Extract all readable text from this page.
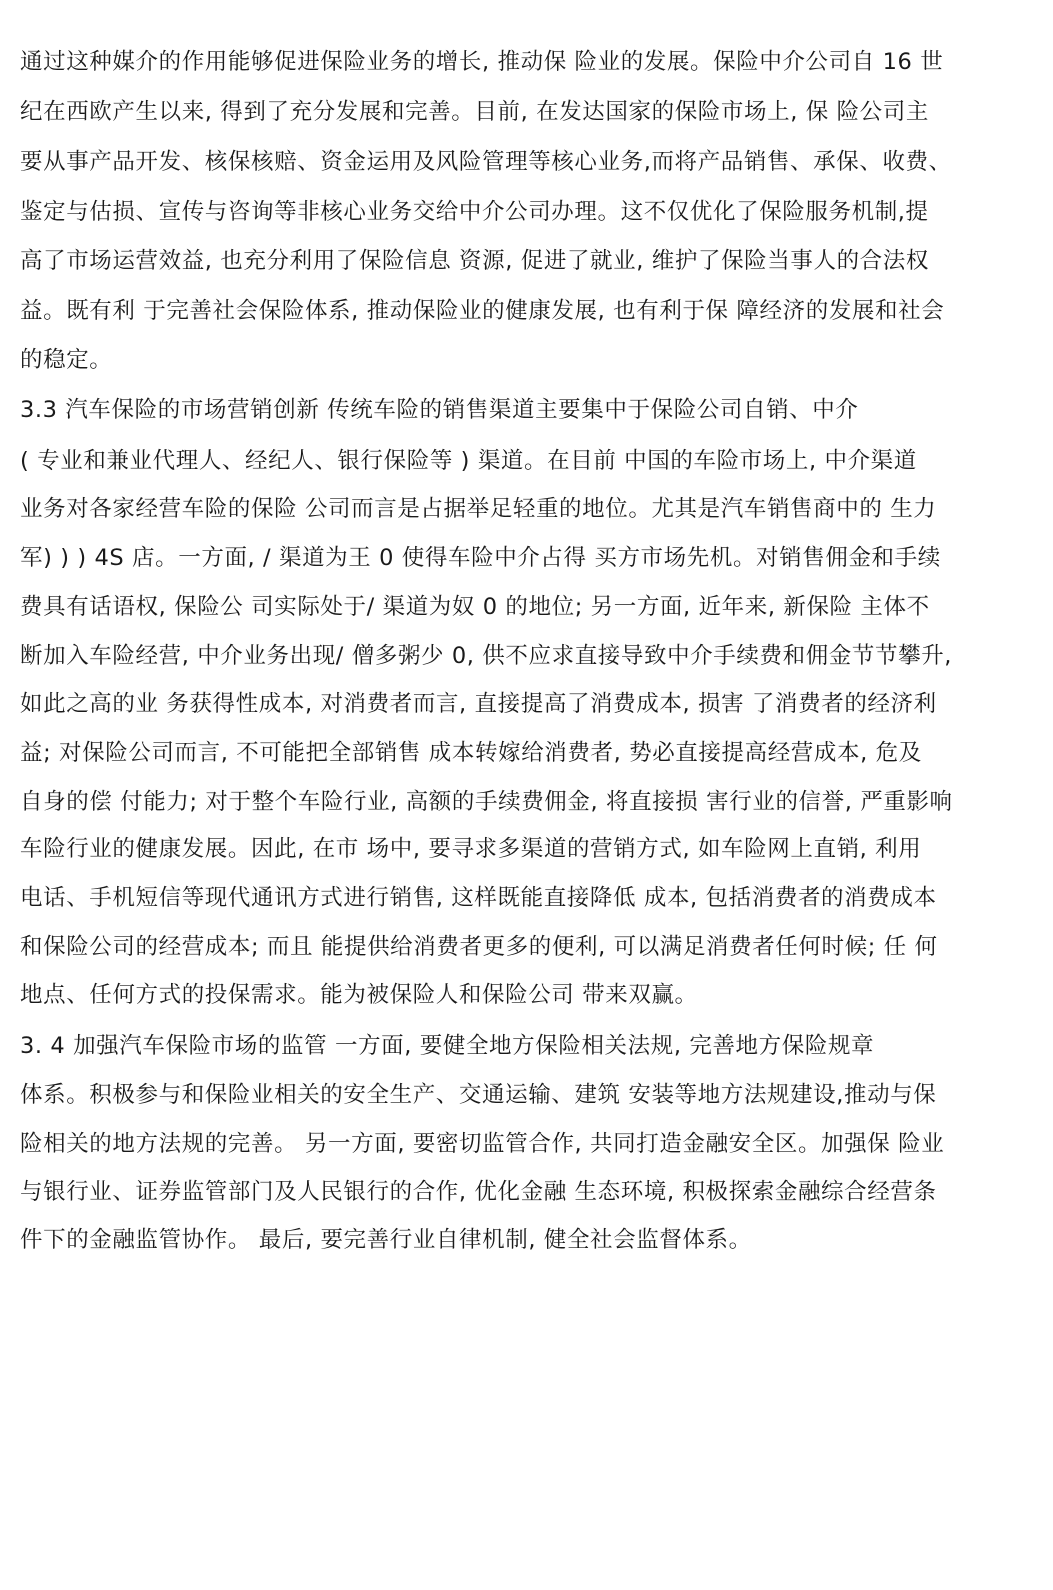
通过这种媒介的作用能够促进保险业务的增长, 推动保 险业的发展。保险中介公司自 16 世
纪在西欧产生以来, 得到了充分发展和完善。目前, 在发达国家的保险市场上, 保 险公司主
要从事产品开发、核保核赔、资金运用及风险管理等核心业务,而将产品销售、承保、收费、
鉴定与估损、宣传与咨询等非核心业务交给中介公司办理。这不仅优化了保险服务机制,提
高了市场运营效益, 也充分利用了保险信息 资源, 促进了就业, 维护了保险当事人的合法权
益。既有利 于完善社会保险体系, 推动保险业的健康发展, 也有利于保 障经济的发展和社会
的稳定。
3.3 汽车保险的市场营销创新 传统车险的销售渠道主要集中于保险公司自销、中介
( 专业和兼业代理人、经纪人、银行保险等 ) 渠道。在目前 中国的车险市场上, 中介渠道
业务对各家经营车险的保险 公司而言是占据举足轻重的地位。尤其是汽车销售商中的 生力
军) ) ) 4S 店。一方面, / 渠道为王 0 使得车险中介占得 买方市场先机。对销售佣金和手续
费具有话语权, 保险公 司实际处于/ 渠道为奴 0 的地位; 另一方面, 近年来, 新保险 主体不
断加入车险经营, 中介业务出现/ 僧多粥少 0, 供不应求直接导致中介手续费和佣金节节攀升,
如此之高的业 务获得性成本, 对消费者而言, 直接提高了消费成本, 损害 了消费者的经济利
益; 对保险公司而言, 不可能把全部销售 成本转嫁给消费者, 势必直接提高经营成本, 危及
自身的偿 付能力; 对于整个车险行业, 高额的手续费佣金, 将直接损 害行业的信誉, 严重影响
车险行业的健康发展。因此, 在市 场中, 要寻求多渠道的营销方式, 如车险网上直销, 利用
电话、手机短信等现代通讯方式进行销售, 这样既能直接降低 成本, 包括消费者的消费成本
和保险公司的经营成本; 而且 能提供给消费者更多的便利, 可以满足消费者任何时候; 任 何
地点、任何方式的投保需求。能为被保险人和保险公司 带来双赢。
3. 4 加强汽车保险市场的监管 一方面, 要健全地方保险相关法规, 完善地方保险规章
体系。积极参与和保险业相关的安全生产、交通运输、建筑 安装等地方法规建设,推动与保
险相关的地方法规的完善。 另一方面, 要密切监管合作, 共同打造金融安全区。加强保 险业
与银行业、证券监管部门及人民银行的合作, 优化金融 生态环境, 积极探索金融综合经营条
件下的金融监管协作。 最后, 要完善行业自律机制, 健全社会监督体系。
